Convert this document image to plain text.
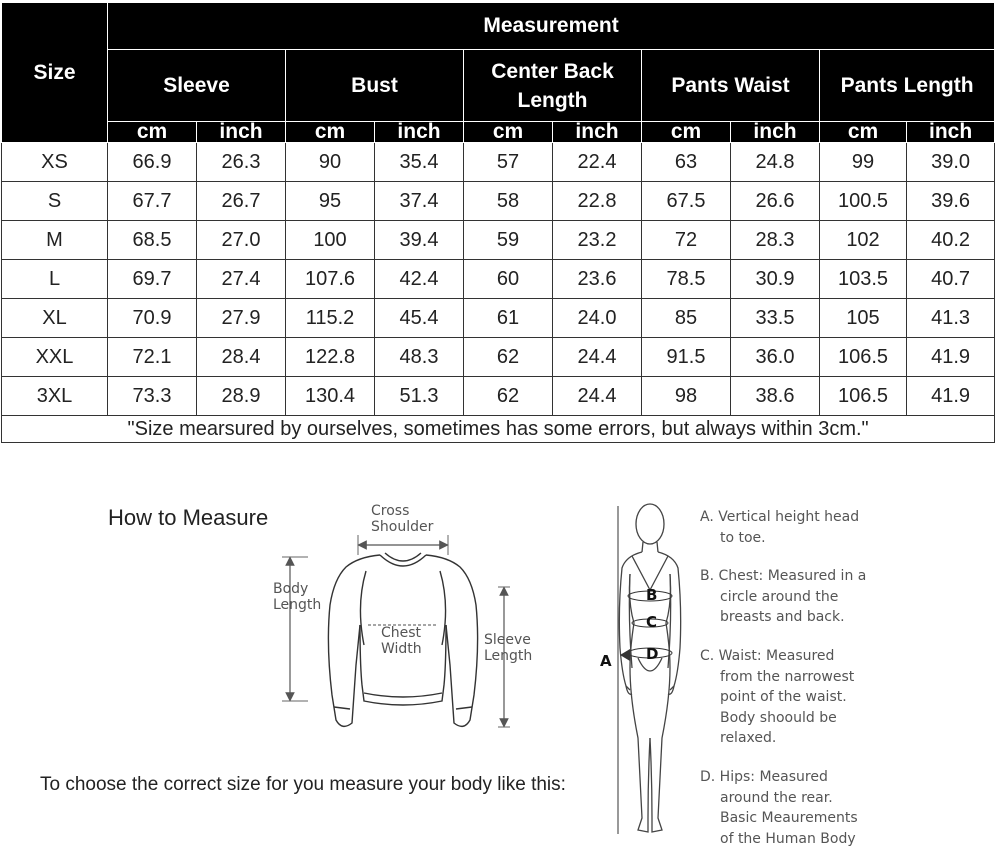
Size	Measurement									
	Sleeve		Bust		Center Back Length		Pants Waist		Pants Length	
	cm	inch	cm	inch	cm	inch	cm	inch	cm	inch
XS	66.9	26.3	90	35.4	57	22.4	63	24.8	99	39.0
S	67.7	26.7	95	37.4	58	22.8	67.5	26.6	100.5	39.6
M	68.5	27.0	100	39.4	59	23.2	72	28.3	102	40.2
L	69.7	27.4	107.6	42.4	60	23.6	78.5	30.9	103.5	40.7
XL	70.9	27.9	115.2	45.4	61	24.0	85	33.5	105	41.3
XXL	72.1	28.4	122.8	48.3	62	24.4	91.5	36.0	106.5	41.9
3XL	73.3	28.9	130.4	51.3	62	24.4	98	38.6	106.5	41.9
"Size mearsured by ourselves, sometimes has some errors, but always within 3cm."										
How to Measure	Cross
Shoulder
Body
Length
Chest
Width
Sleeve
Length	A
B
C
D
A. Vertical height head
to toe.
B. Chest: Measured in a
circle around the
breasts and back.
C. Waist: Measured
from the narrowest
point of the waist.
Body shoould be
relaxed.
D. Hips: Measured
around the rear.
Basic Meaurements
of the Human Body
To choose the correct size for you measure your body like this:
